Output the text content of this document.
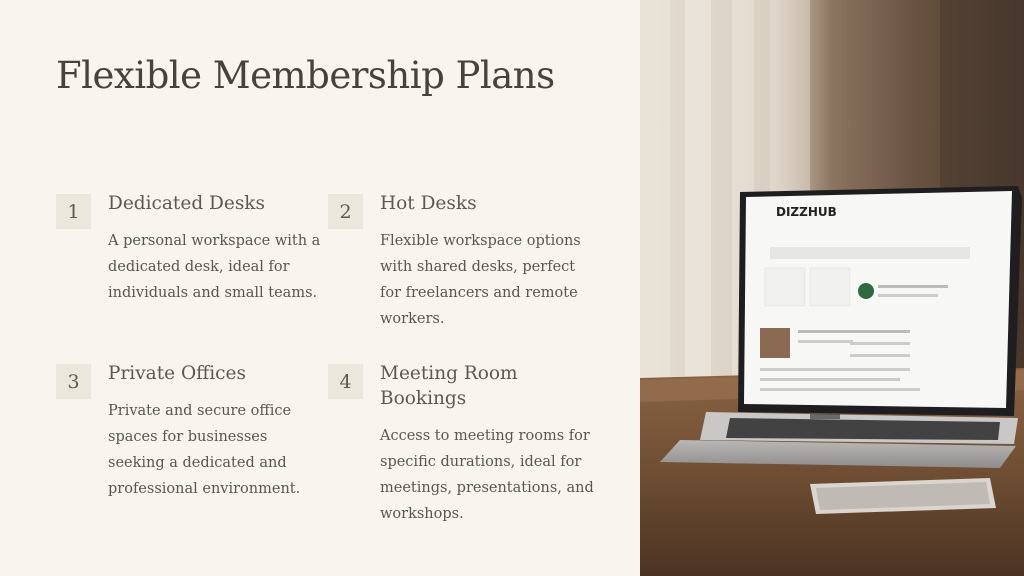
Flexible Membership Plans
1	Dedicated Desks
A personal workspace with a dedicated desk, ideal for individuals and small teams.
2	Hot Desks
Flexible workspace options with shared desks, perfect for freelancers and remote workers.
3	Private Offices
Private and secure office spaces for businesses seeking a dedicated and professional environment.
4	Meeting Room Bookings
Access to meeting rooms for specific durations, ideal for meetings, presentations, and workshops.
DIZZHUB
